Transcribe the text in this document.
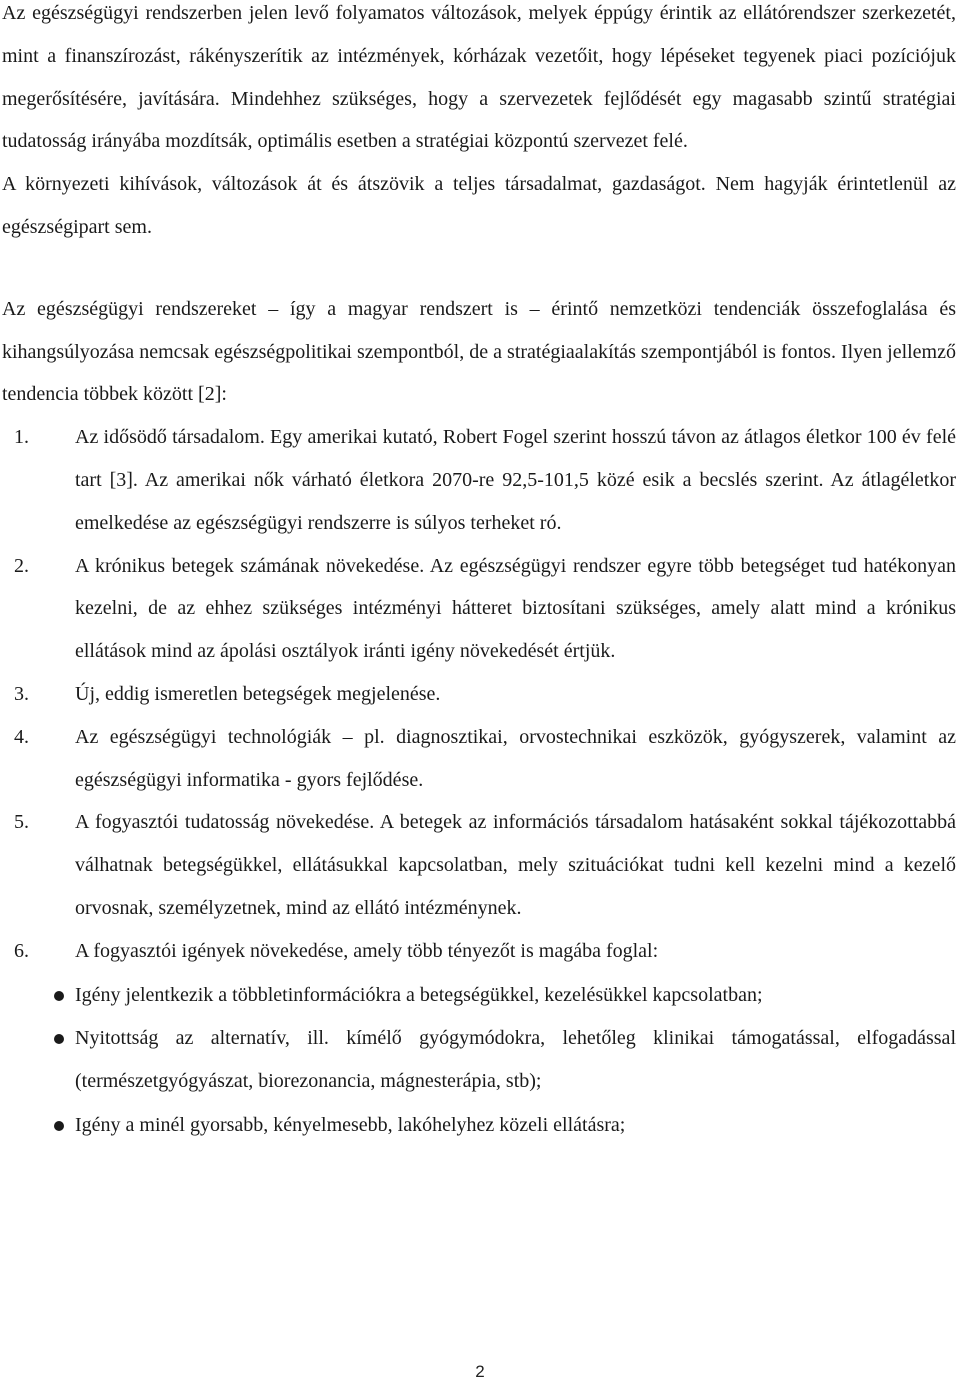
Az egészségügyi rendszerben jelen levő folyamatos változások, melyek éppúgy érintik az ellátórendszer szerkezetét, mint a finanszírozást, rákényszerítik az intézmények, kórházak vezetőit, hogy lépéseket tegyenek piaci pozíciójuk megerősítésére, javítására. Mindehhez szükséges, hogy a szervezetek fejlődését egy magasabb szintű stratégiai tudatosság irányába mozdítsák, optimális esetben a stratégiai központú szervezet felé.

A környezeti kihívások, változások át és átszövik a teljes társadalmat, gazdaságot. Nem hagyják érintetlenül az egészségipart sem.

Az egészségügyi rendszereket – így a magyar rendszert is – érintő nemzetközi tendenciák összefoglalása és kihangsúlyozása nemcsak egészségpolitikai szempontból, de a stratégiaalakítás szempontjából is fontos. Ilyen jellemző tendencia többek között [2]:

1. Az idősödő társadalom. Egy amerikai kutató, Robert Fogel szerint hosszú távon az átlagos életkor 100 év felé tart [3]. Az amerikai nők várható életkora 2070-re 92,5-101,5 közé esik a becslés szerint. Az átlagéletkor emelkedése az egészségügyi rendszerre is súlyos terheket ró.
2. A krónikus betegek számának növekedése. Az egészségügyi rendszer egyre több betegséget tud hatékonyan kezelni, de az ehhez szükséges intézményi hátteret biztosítani szükséges, amely alatt mind a krónikus ellátások mind az ápolási osztályok iránti igény növekedését értjük.
3. Új, eddig ismeretlen betegségek megjelenése.
4. Az egészségügyi technológiák – pl. diagnosztikai, orvostechnikai eszközök, gyógyszerek, valamint az egészségügyi informatika - gyors fejlődése.
5. A fogyasztói tudatosság növekedése. A betegek az információs társadalom hatásaként sokkal tájékozottabbá válhatnak betegségükkel, ellátásukkal kapcsolatban, mely szituációkat tudni kell kezelni mind a kezelő orvosnak, személyzetnek, mind az ellátó intézménynek.
6. A fogyasztói igények növekedése, amely több tényezőt is magába foglal:
Igény jelentkezik a többletinformációkra a betegségükkel, kezelésükkel kapcsolatban;
Nyitottság az alternatív, ill. kímélő gyógymódokra, lehetőleg klinikai támogatással, elfogadással (természetgyógyászat, biorezonancia, mágnesterápia, stb);
Igény a minél gyorsabb, kényelmesebb, lakóhelyhez közeli ellátásra;
2
